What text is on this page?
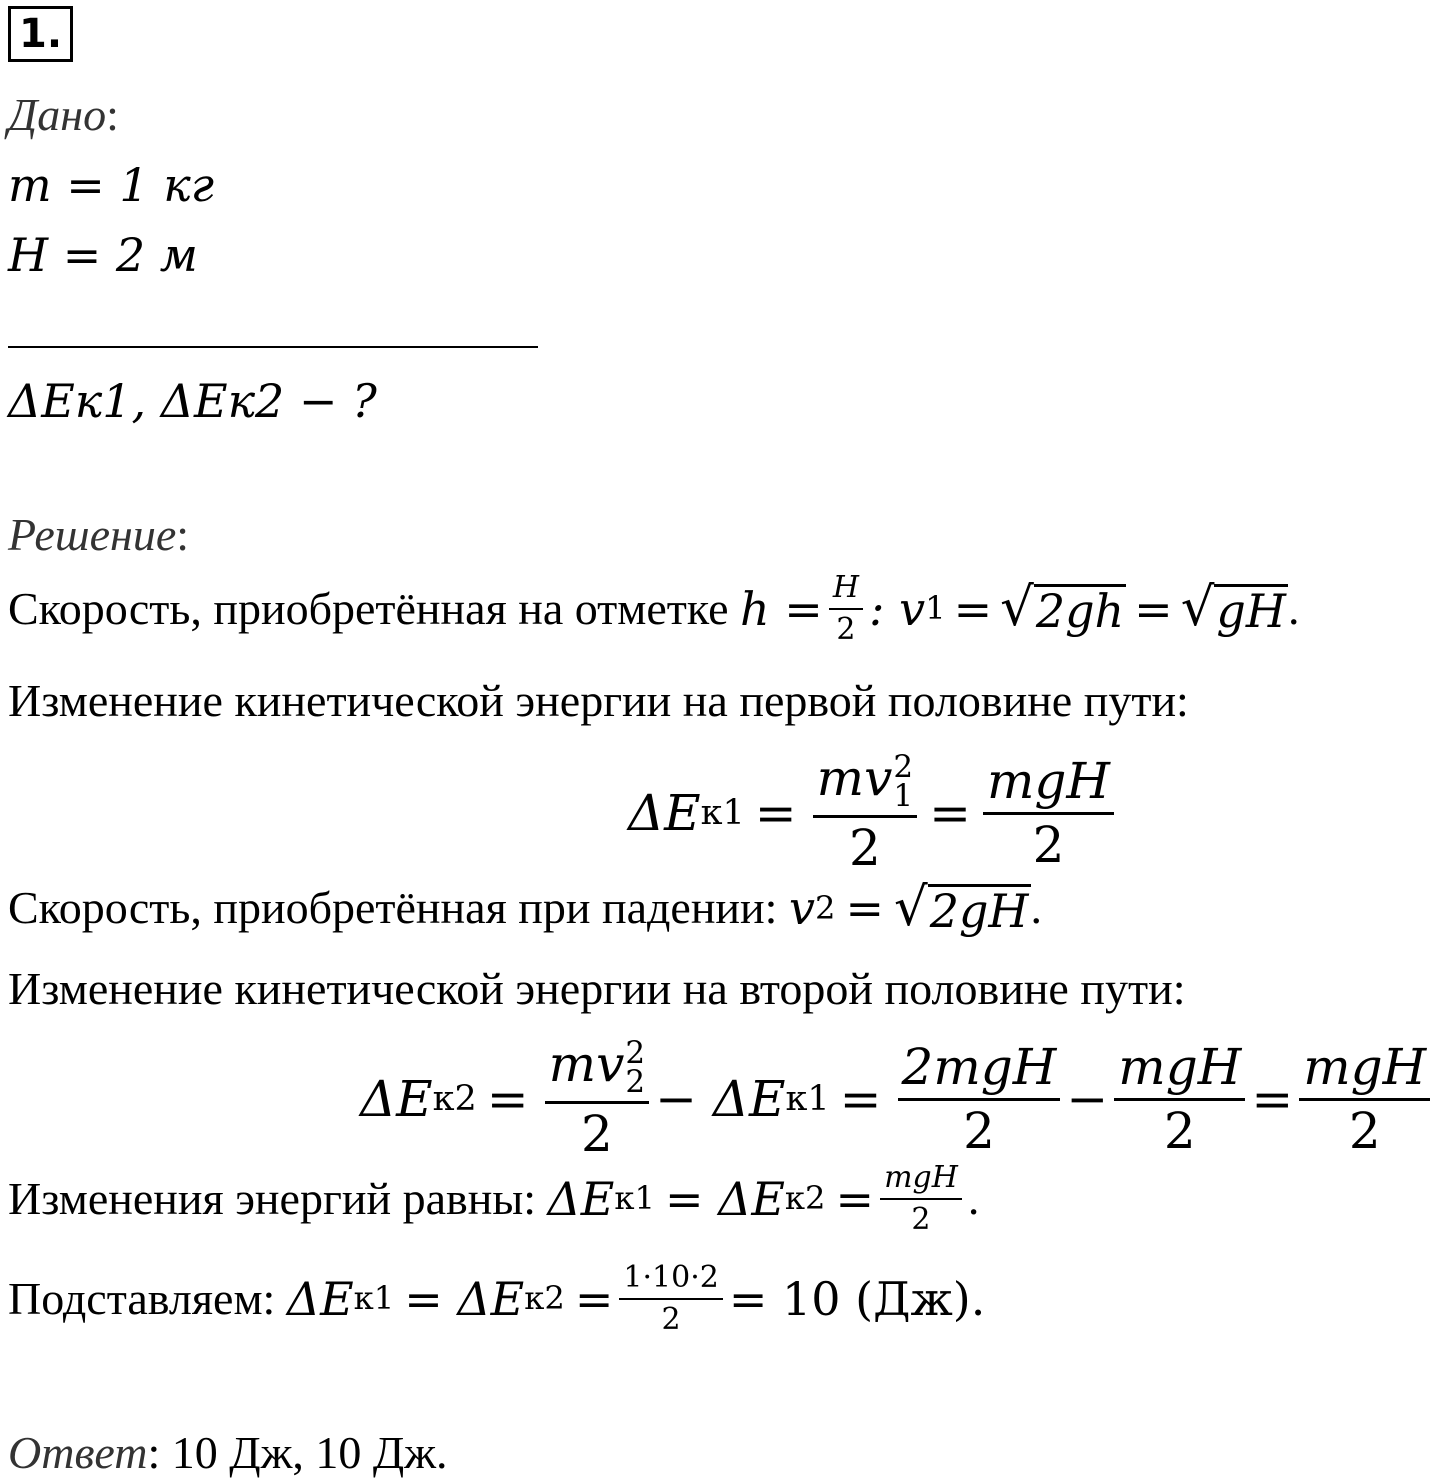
1.
Дано:
m = 1 кг
H = 2 м
ΔEк1, ΔEк2 − ?
Решение:
Скорость, приобретённая на отметке
$h = \frac{H}{2}$ : v 1 = √ 2gh = √ gH .
Изменение кинетической энергии на первой половине пути:
ΔE к1 = mv 2
1
$2 = \frac{\text{mgH}}{2}$
Скорость, приобретённая при падении:
v 2 = √ 2gH .
Изменение кинетической энергии на второй половине пути:
ΔE к2 = mv 2
2
2 − ΔE $к1 = \frac{\text{2mgH}}{2} - \frac{\text{mgH}}{2} = \frac{\text{mgH}}{2}$
Изменения энергий равны:
ΔE к1 = ΔE $к2 = \frac{\text{mgH}}{2}$ .
Подставляем:
ΔE к1 = ΔE $к2 = \frac{1\cdot 10\cdot 2}{2} = 10$ (Дж).
Ответ: 10 Дж, 10 Дж.
